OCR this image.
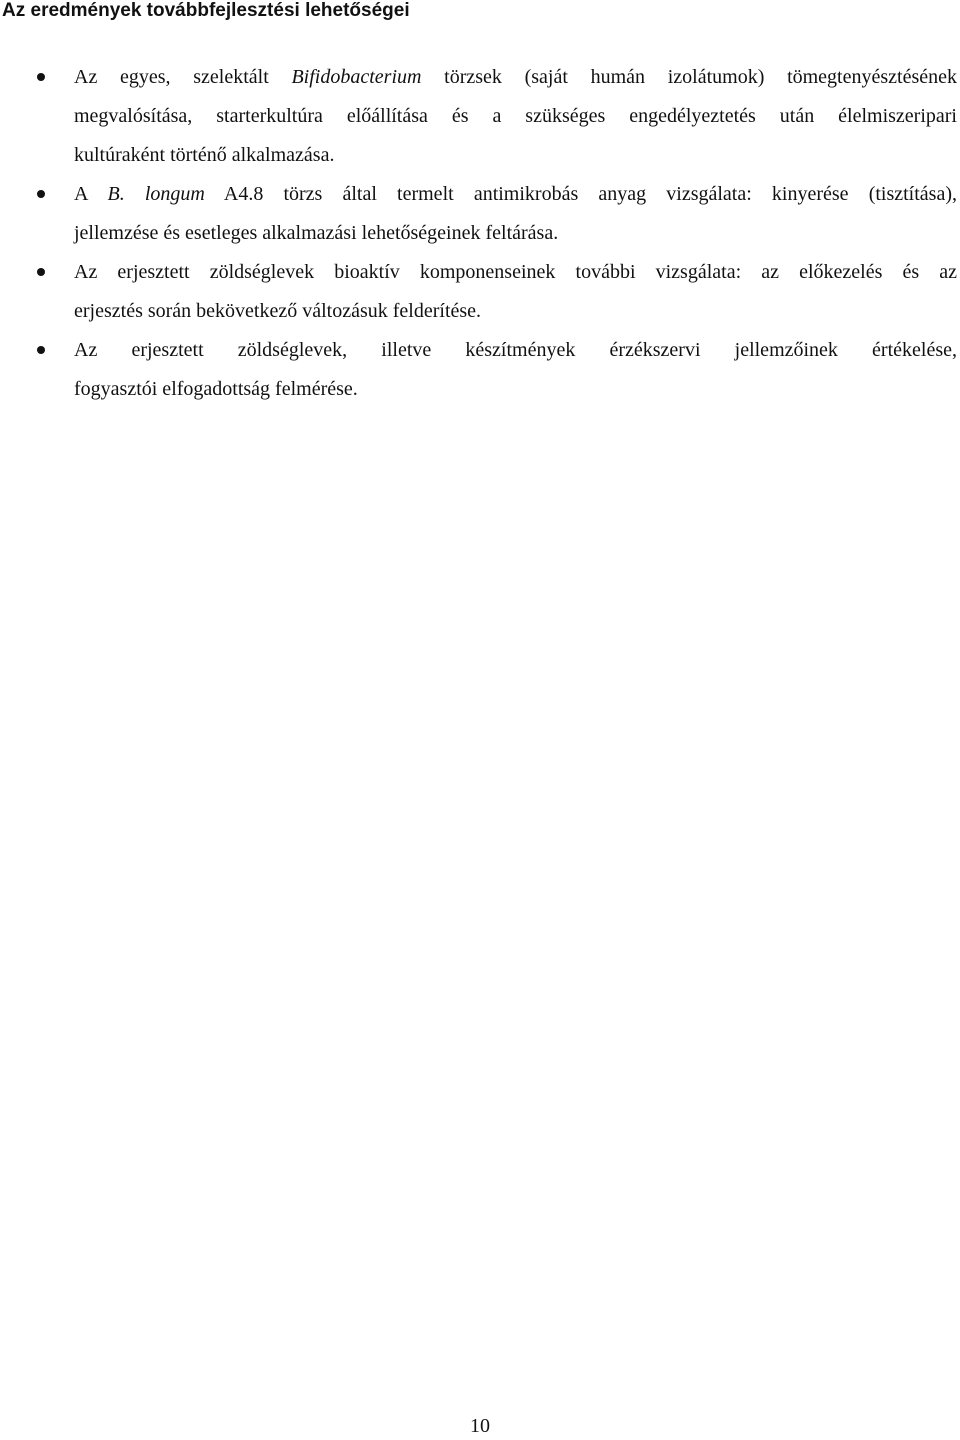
Az eredmények továbbfejlesztési lehetőségei
Az egyes, szelektált Bifidobacterium törzsek (saját humán izolátumok) tömegtenyésztésének
megvalósítása, starterkultúra előállítása és a szükséges engedélyeztetés után élelmiszeripari
kultúraként történő alkalmazása.
A B. longum A4.8 törzs által termelt antimikrobás anyag vizsgálata: kinyerése (tisztítása),
jellemzése és esetleges alkalmazási lehetőségeinek feltárása.
Az erjesztett zöldséglevek bioaktív komponenseinek további vizsgálata: az előkezelés és az
erjesztés során bekövetkező változásuk felderítése.
Az erjesztett zöldséglevek, illetve készítmények érzékszervi jellemzőinek értékelése,
fogyasztói elfogadottság felmérése.
10
